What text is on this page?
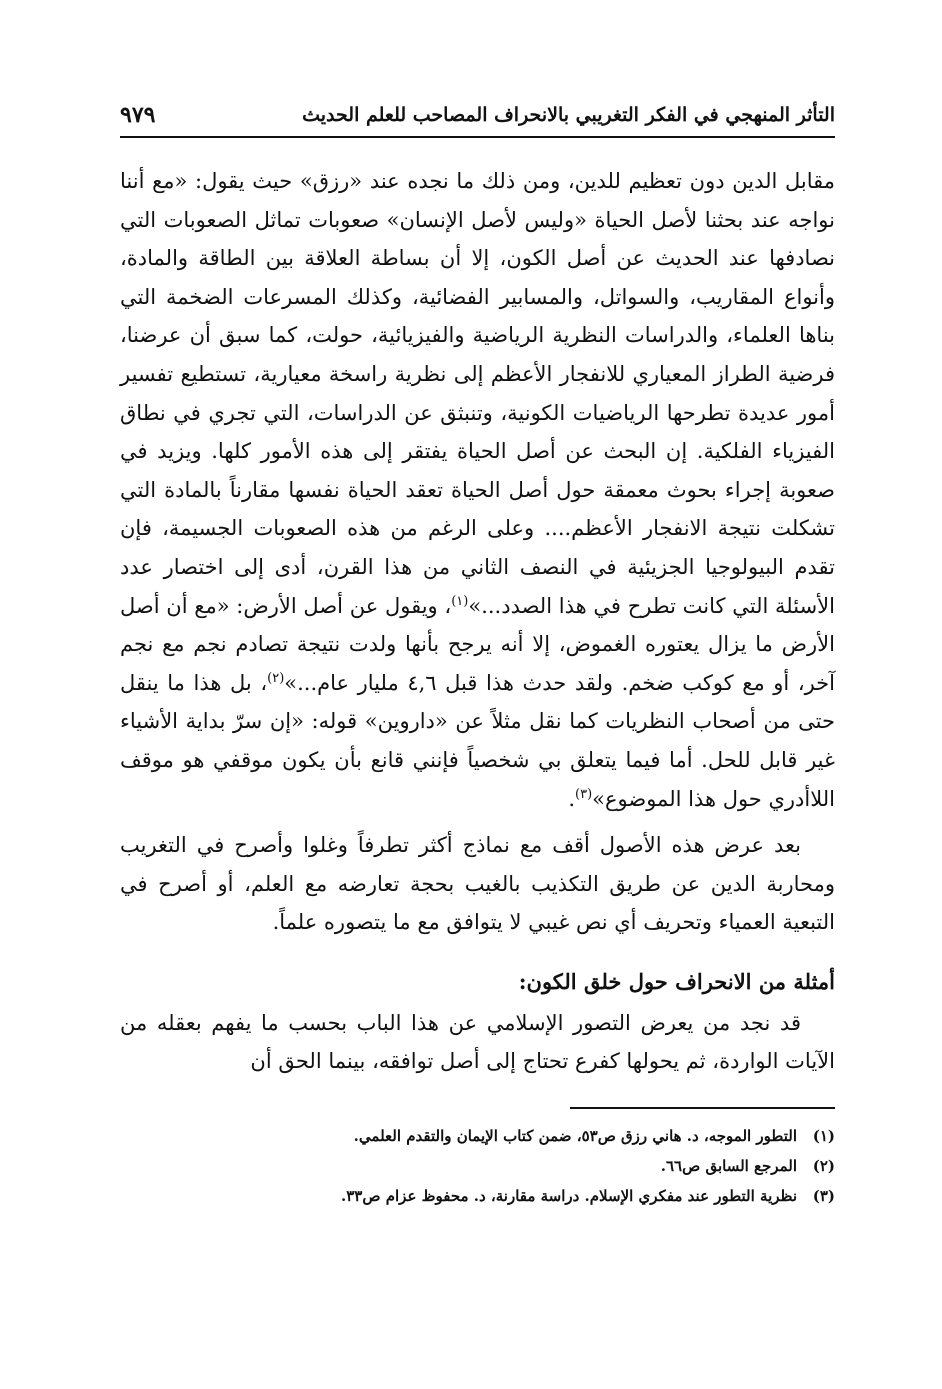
التأثر المنهجي في الفكر التغريبي بالانحراف المصاحب للعلم الحديث
٩٧٩

مقابل الدين دون تعظيم للدين، ومن ذلك ما نجده عند «رزق» حيث يقول: «مع أننا نواجه عند بحثنا لأصل الحياة «وليس لأصل الإنسان» صعوبات تماثل الصعوبات التي نصادفها عند الحديث عن أصل الكون، إلا أن بساطة العلاقة بين الطاقة والمادة، وأنواع المقاريب، والسواتل، والمسابير الفضائية، وكذلك المسرعات الضخمة التي بناها العلماء، والدراسات النظرية الرياضية والفيزيائية، حولت، كما سبق أن عرضنا، فرضية الطراز المعياري للانفجار الأعظم إلى نظرية راسخة معيارية، تستطيع تفسير أمور عديدة تطرحها الرياضيات الكونية، وتنبثق عن الدراسات، التي تجري في نطاق الفيزياء الفلكية. إن البحث عن أصل الحياة يفتقر إلى هذه الأمور كلها. ويزيد في صعوبة إجراء بحوث معمقة حول أصل الحياة تعقد الحياة نفسها مقارناً بالمادة التي تشكلت نتيجة الانفجار الأعظم.... وعلى الرغم من هذه الصعوبات الجسيمة، فإن تقدم البيولوجيا الجزيئية في النصف الثاني من هذا القرن، أدى إلى اختصار عدد الأسئلة التي كانت تطرح في هذا الصدد...»$^{(١)}$، ويقول عن أصل الأرض: «مع أن أصل الأرض ما يزال يعتوره الغموض، إلا أنه يرجح بأنها ولدت نتيجة تصادم نجم مع نجم آخر، أو مع كوكب ضخم. ولقد حدث هذا قبل ٤,٦ مليار عام...»$^{(٢)}$، بل هذا ما ينقل حتى من أصحاب النظريات كما نقل مثلاً عن «داروين» قوله: «إن سرّ بداية الأشياء غير قابل للحل. أما فيما يتعلق بي شخصياً فإنني قانع بأن يكون موقفي هو موقف اللاأدري حول هذا الموضوع»$^{(٣)}$.

بعد عرض هذه الأصول أقف مع نماذج أكثر تطرفاً وغلوا وأصرح في التغريب ومحاربة الدين عن طريق التكذيب بالغيب بحجة تعارضه مع العلم، أو أصرح في التبعية العمياء وتحريف أي نص غيبي لا يتوافق مع ما يتصوره علماً.

أمثلة من الانحراف حول خلق الكون:

قد نجد من يعرض التصور الإسلامي عن هذا الباب بحسب ما يفهم بعقله من الآيات الواردة، ثم يحولها كفرع تحتاج إلى أصل توافقه، بينما الحق أن

(١)
التطور الموجه، د. هاني رزق ص٥٣، ضمن كتاب الإيمان والتقدم العلمي.
(٢)
المرجع السابق ص٦٦.
(٣)
نظرية التطور عند مفكري الإسلام. دراسة مقارنة، د. محفوظ عزام ص٣٣.
